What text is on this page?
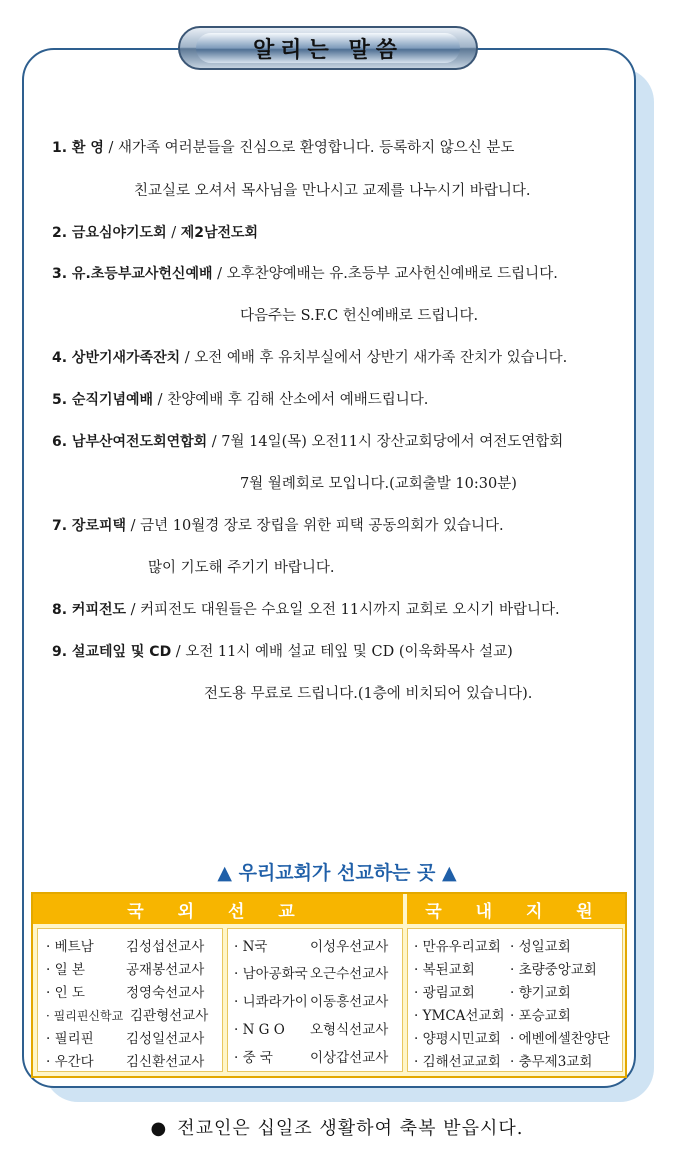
알리는 말씀
1. 환 영 / 새가족 여러분들을 진심으로 환영합니다. 등록하지 않으신 분도
친교실로 오셔서 목사님을 만나시고 교제를 나누시기 바랍니다.
2. 금요심야기도회 / 제2남전도회
3. 유.초등부교사헌신예배 / 오후찬양예배는 유.초등부 교사헌신예배로 드립니다.
다음주는 S.F.C 헌신예배로 드립니다.
4. 상반기새가족잔치 / 오전 예배 후 유치부실에서 상반기 새가족 잔치가 있습니다.
5. 순직기념예배 / 찬양예배 후 김해 산소에서 예배드립니다.
6. 남부산여전도회연합회 / 7월 14일(목) 오전11시 장산교회당에서 여전도연합회
7월 월례회로 모입니다.(교회출발 10:30분)
7. 장로피택 / 금년 10월경 장로 장립을 위한 피택 공동의회가 있습니다.
많이 기도해 주기기 바랍니다.
8. 커피전도 / 커피전도 대원들은 수요일 오전 11시까지 교회로 오시기 바랍니다.
9. 설교테잎 및 CD / 오전 11시 예배 설교 테잎 및 CD (이욱화목사 설교)
전도용 무료로 드립니다.(1층에 비치되어 있습니다).
▲ 우리교회가 선교하는 곳 ▲
국 외 선 교	국 내 지 원
· 베트남 김성섭선교사
· 일 본	공재봉선교사
· 인 도	정영숙선교사
· 필리핀신학교 김관형선교사
· 필리핀 김성일선교사
· 우간다 김신환선교사
· N국	이성우선교사
· 남아공화국 오근수선교사
· 니콰라가이 이동흥선교사
· N G O 오형식선교사
· 중 국	이상갑선교사
· 만유우리교회 · 성일교회
· 복된교회	· 초량중앙교회
· 광림교회	· 향기교회
· YMCA선교회 · 포승교회
· 양평시민교회 · 에벤에셀찬양단
· 김해선교교회 · 충무제3교회
● 전교인은 십일조 생활하여 축복 받읍시다.
